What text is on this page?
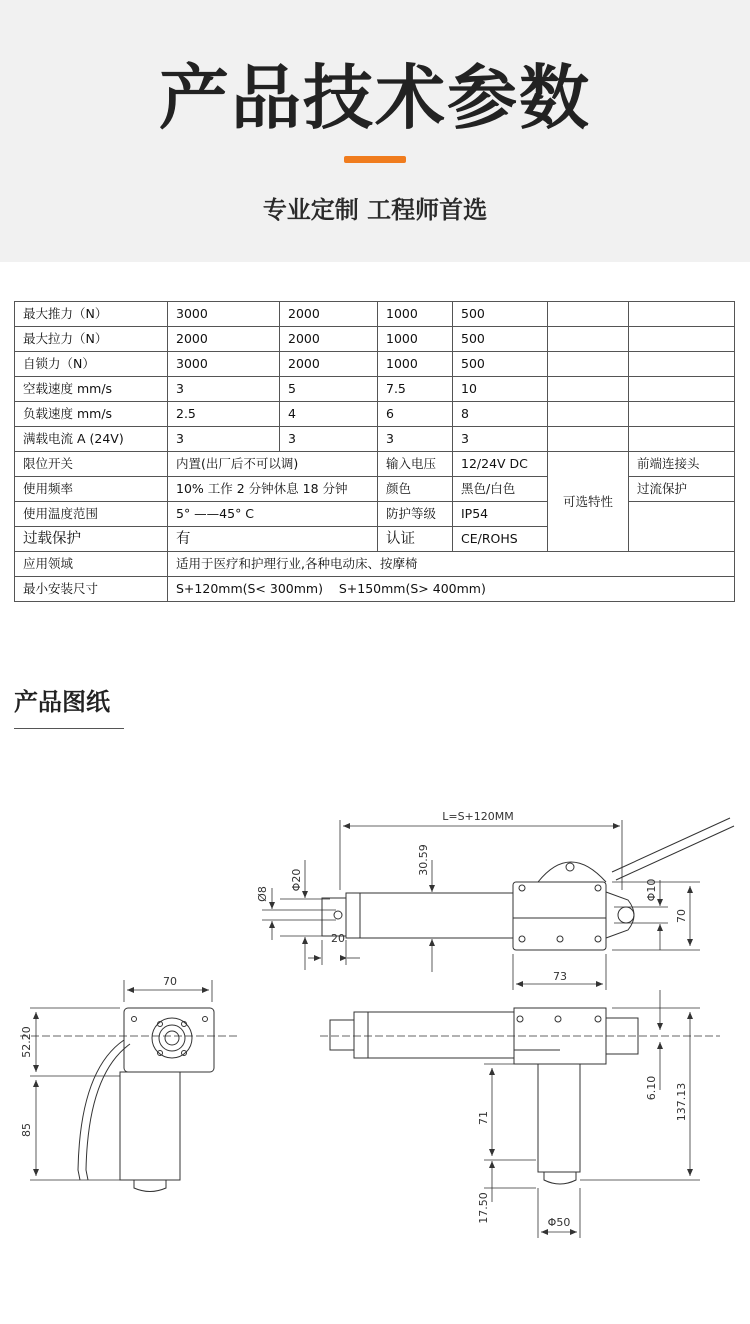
产品技术参数
专业定制 工程师首选
最大推力（N）	3000	2000	1000	500		
最大拉力（N）	2000	2000	1000	500		
自锁力（N）	3000	2000	1000	500		
空载速度 mm/s	3	5	7.5	10		
负载速度 mm/s	2.5	4	6	8		
满载电流 A (24V)	3	3	3	3		
限位开关	内置(出厂后不可以调)		输入电压	12/24V DC	可选特性	前端连接头
使用频率	10% 工作 2 分钟休息 18 分钟		颜色	黑色/白色		过流保护
使用温度范围	5° ——45° C		防护等级	IP54		
过载保护	有		认证	CE/ROHS		
应用领域	适用于医疗和护理行业,各种电动床、按摩椅					
最小安装尺寸	S+120mm(S< 300mm)    S+150mm(S> 400mm)					
产品图纸
L=S+120MM
Φ20
Ø8
20
30.59
Φ10
70
73
70
52.20
85
6.10
71	137.13
17.50	Φ50
